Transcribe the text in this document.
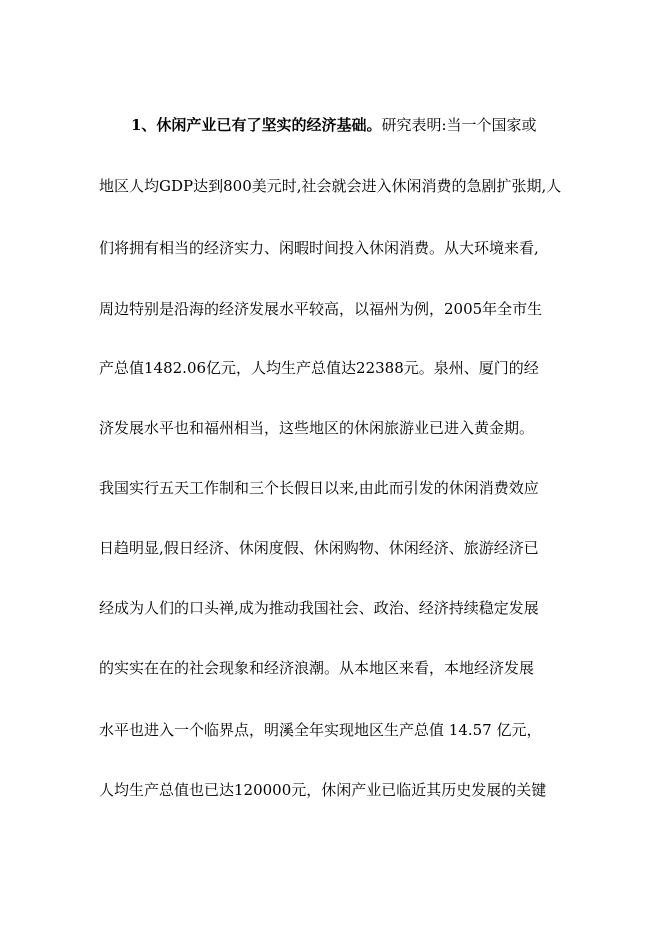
1、休闲产业已有了坚实的经济基础。研究表明:当一个国家或
地区人均GDP达到800美元时,社会就会进入休闲消费的急剧扩张期,人
们将拥有相当的经济实力、闲暇时间投入休闲消费。从大环境来看,
周边特别是沿海的经济发展水平较高，以福州为例，2005年全市生
产总值1482.06亿元，人均生产总值达22388元。泉州、厦门的经
济发展水平也和福州相当，这些地区的休闲旅游业已进入黄金期。
我国实行五天工作制和三个长假日以来,由此而引发的休闲消费效应
日趋明显,假日经济、休闲度假、休闲购物、休闲经济、旅游经济已
经成为人们的口头禅,成为推动我国社会、政治、经济持续稳定发展
的实实在在的社会现象和经济浪潮。从本地区来看，本地经济发展
水平也进入一个临界点，明溪全年实现地区生产总值 14.57 亿元，
人均生产总值也已达120000元，休闲产业已临近其历史发展的关键
